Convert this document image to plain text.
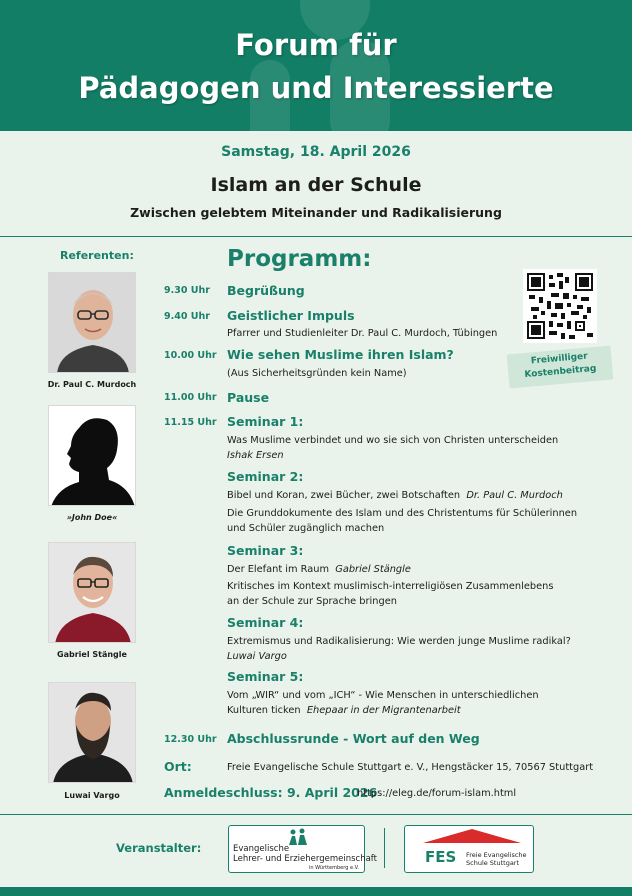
Forum für
Pädagogen und Interessierte
Samstag, 18. April 2026
Islam an der Schule
Zwischen gelebtem Miteinander und Radikalisierung
Referenten:
Dr. Paul C. Murdoch
»John Doe«
Gabriel Stängle
Luwai Vargo
Programm:
Freiwilliger
Kostenbeitrag
9.30 Uhr Begrüßung
9.40 Uhr Geistlicher Impuls
Pfarrer und Studienleiter Dr. Paul C. Murdoch, Tübingen
10.00 Uhr Wie sehen Muslime ihren Islam?
(Aus Sicherheitsgründen kein Name)
11.00 Uhr Pause
11.15 Uhr Seminar 1:
Was Muslime verbindet und wo sie sich von Christen unterscheiden
Ishak Ersen
Seminar 2:
Bibel und Koran, zwei Bücher, zwei Botschaften Dr. Paul C. Murdoch
Die Grunddokumente des Islam und des Christentums für Schülerinnen
und Schüler zugänglich machen
Seminar 3:
Der Elefant im Raum Gabriel Stängle
Kritisches im Kontext muslimisch-interreligiösen Zusammenlebens
an der Schule zur Sprache bringen
Seminar 4:
Extremismus und Radikalisierung: Wie werden junge Muslime radikal?
Luwai Vargo
Seminar 5:
Vom „WIR“ und vom „ICH“ - Wie Menschen in unterschiedlichen
Kulturen ticken Ehepaar in der Migrantenarbeit
12.30 Uhr Abschlussrunde - Wort auf den Weg
Ort:	Freie Evangelische Schule Stuttgart e. V., Hengstäcker 15, 70567 Stuttgart
Anmeldeschluss: 9. April 2026
https://eleg.de/forum-islam.html
Veranstalter:	Evangelische
Lehrer- und Erziehergemeinschaft
in Württemberg e.V.
FES Freie Evangelische
Schule Stuttgart
